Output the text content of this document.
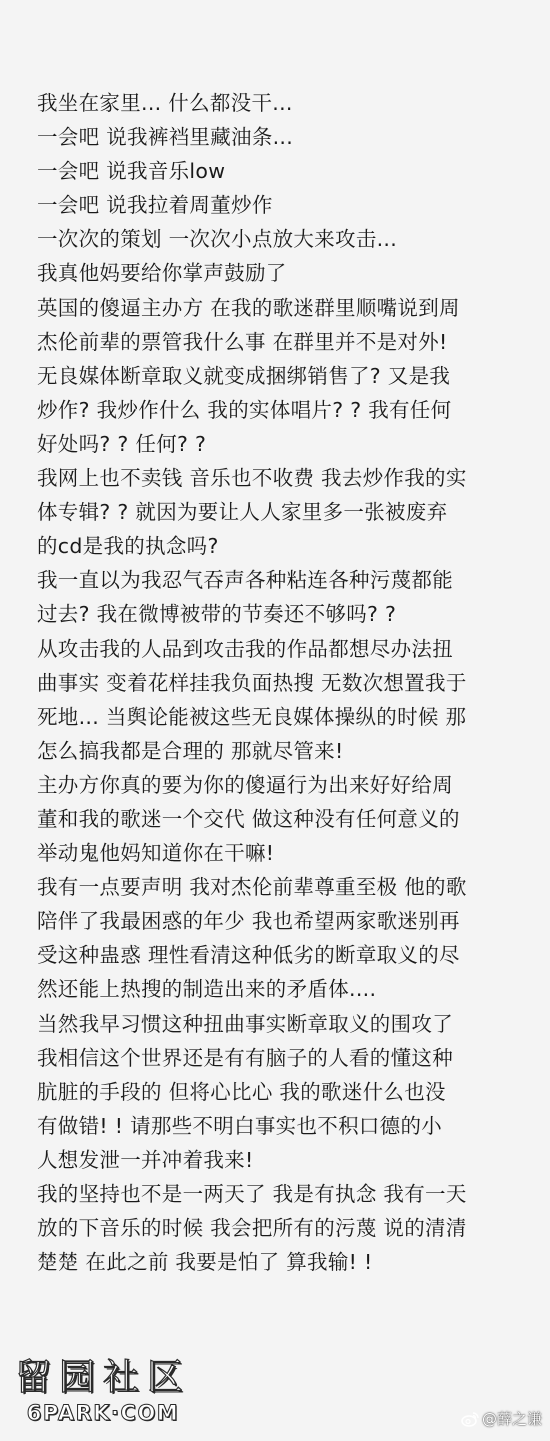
我坐在家里... 什么都没干...
一会吧 说我裤裆里藏油条...
一会吧 说我音乐low
一会吧 说我拉着周董炒作
一次次的策划 一次次小点放大来攻击...
我真他妈要给你掌声鼓励了
英国的傻逼主办方 在我的歌迷群里顺嘴说到周
杰伦前辈的票管我什么事 在群里并不是对外!
无良媒体断章取义就变成捆绑销售了? 又是我
炒作? 我炒作什么 我的实体唱片? ? 我有任何
好处吗? ? 任何? ?
我网上也不卖钱 音乐也不收费 我去炒作我的实
体专辑? ? 就因为要让人人家里多一张被废弃
的cd是我的执念吗?
我一直以为我忍气吞声各种粘连各种污蔑都能
过去? 我在微博被带的节奏还不够吗? ?
从攻击我的人品到攻击我的作品都想尽办法扭
曲事实 变着花样挂我负面热搜 无数次想置我于
死地... 当舆论能被这些无良媒体操纵的时候 那
怎么搞我都是合理的 那就尽管来!
主办方你真的要为你的傻逼行为出来好好给周
董和我的歌迷一个交代 做这种没有任何意义的
举动鬼他妈知道你在干嘛!
我有一点要声明 我对杰伦前辈尊重至极 他的歌
陪伴了我最困惑的年少 我也希望两家歌迷别再
受这种蛊惑 理性看清这种低劣的断章取义的尽
然还能上热搜的制造出来的矛盾体....
当然我早习惯这种扭曲事实断章取义的围攻了
我相信这个世界还是有有脑子的人看的懂这种
肮脏的手段的 但将心比心 我的歌迷什么也没
有做错! ! 请那些不明白事实也不积口德的小
人想发泄一并冲着我来!
我的坚持也不是一两天了 我是有执念 我有一天
放的下音乐的时候 我会把所有的污蔑 说的清清
楚楚 在此之前 我要是怕了 算我输! !
留园社区
6PARK·COM	@薛之谦
